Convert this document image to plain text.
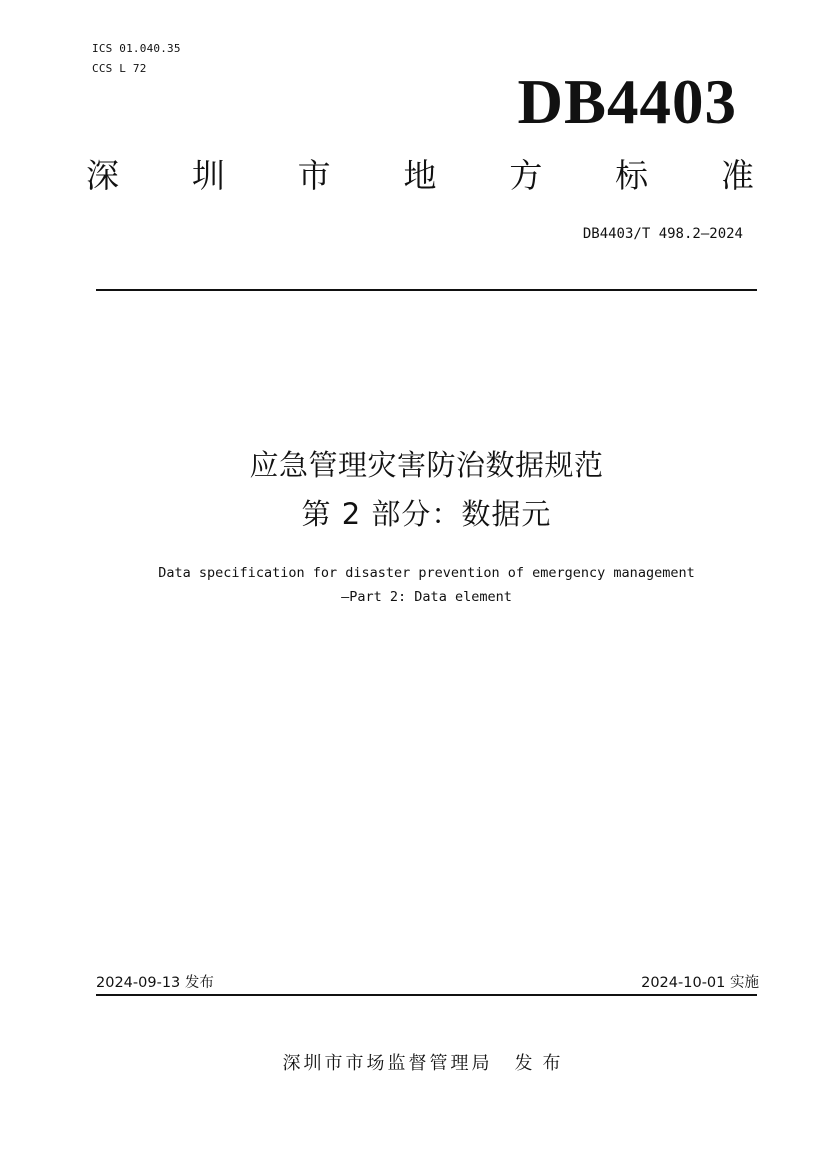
ICS 01.040.35
CCS L 72	DB4403
深 圳 市 地 方 标 准
DB4403/T 498.2—2024
应急管理灾害防治数据规范
第 2 部分：数据元
Data specification for disaster prevention of emergency management
—Part 2: Data element
2024-09-13 发布	2024-10-01 实施
深圳市市场监督管理局 发布
